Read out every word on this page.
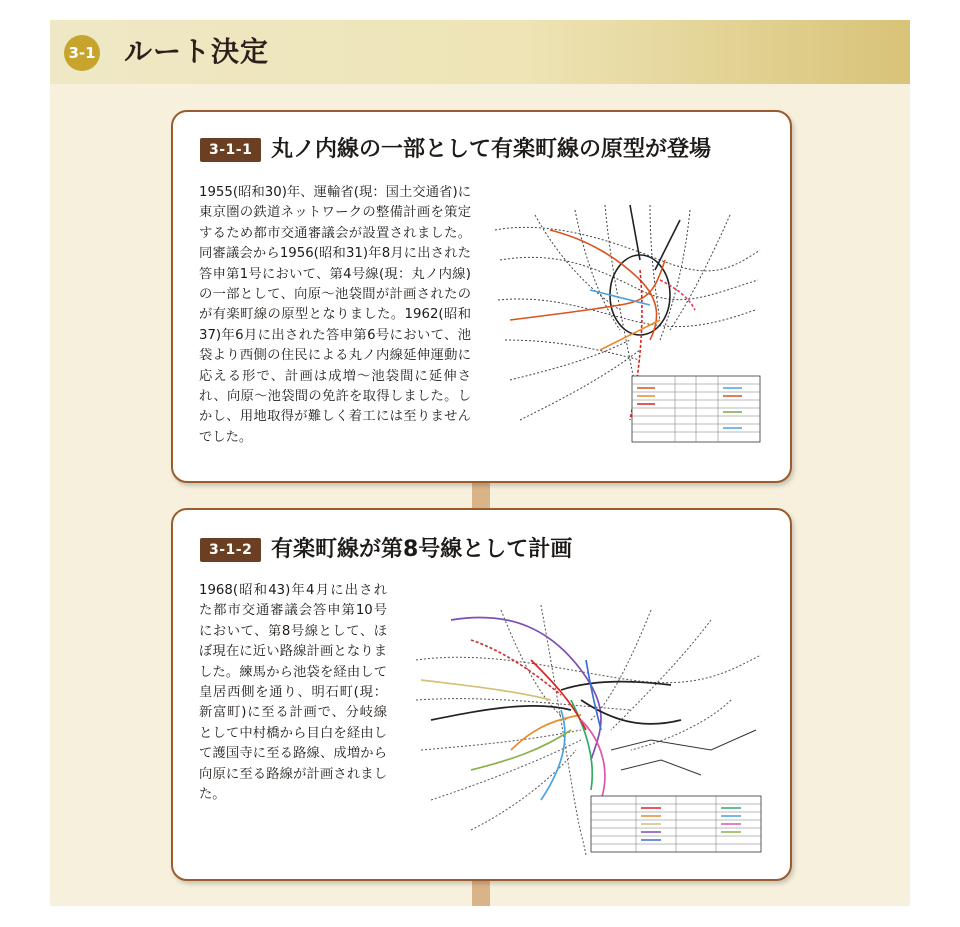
3-1 ルート決定
3-1-1 丸ノ内線の一部として有楽町線の原型が登場

1955(昭和30)年、運輸省(現：国土交通省)に東京圏の鉄道ネットワークの整備計画を策定するため都市交通審議会が設置されました。同審議会から1956(昭和31)年8月に出された答申第1号において、第4号線(現：丸ノ内線)の一部として、向原〜池袋間が計画されたのが有楽町線の原型となりました。1962(昭和37)年6月に出された答申第6号において、池袋より西側の住民による丸ノ内線延伸運動に応える形で、計画は成増〜池袋間に延伸され、向原〜池袋間の免許を取得しました。しかし、用地取得が難しく着工には至りませんでした。

3-1-2 有楽町線が第8号線として計画

1968(昭和43)年4月に出された都市交通審議会答申第10号において、第8号線として、ほぼ現在に近い路線計画となりました。練馬から池袋を経由して皇居西側を通り、明石町(現：新富町)に至る計画で、分岐線として中村橋から目白を経由して護国寺に至る路線、成増から向原に至る路線が計画されました。
